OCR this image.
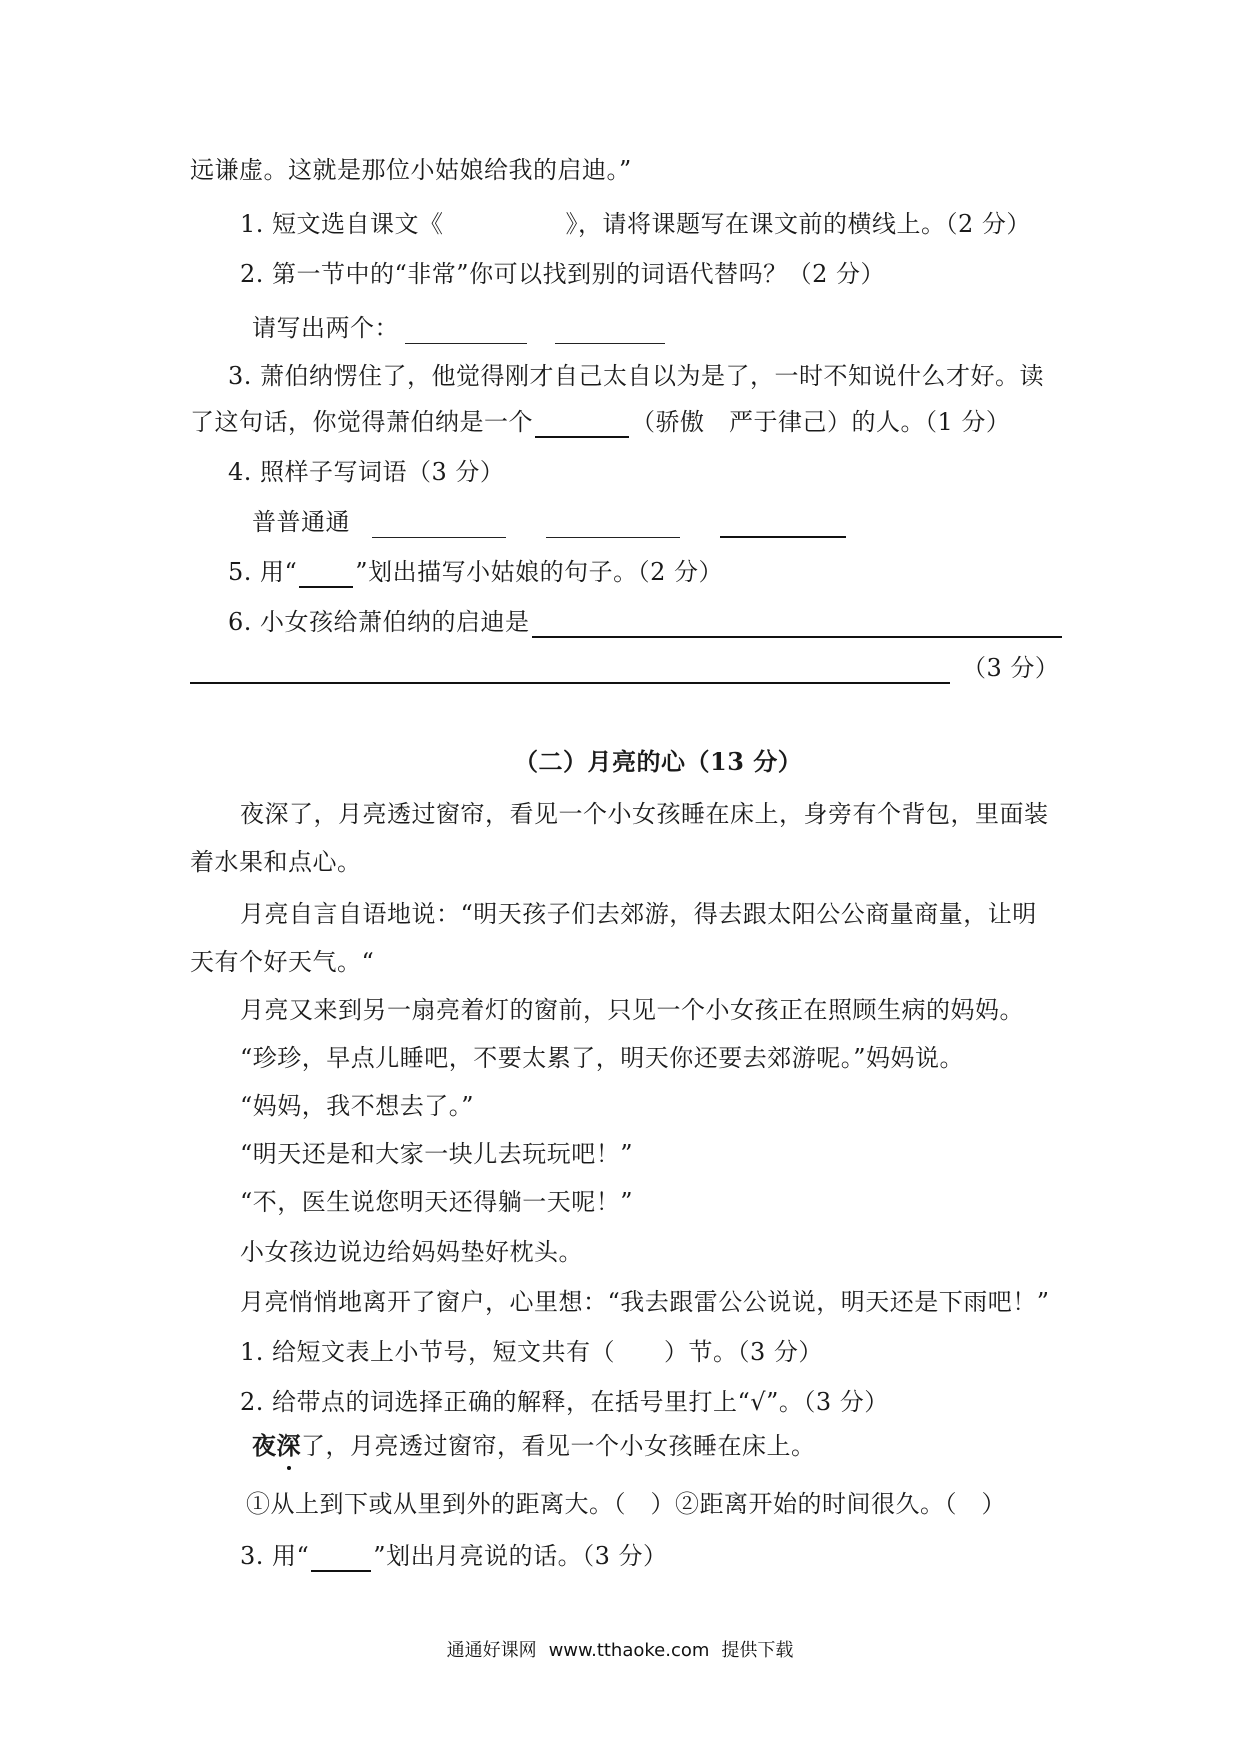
远谦虚。这就是那位小姑娘给我的启迪。”
1. 短文选自课文《	》，请将课题写在课文前的横线上。（2 分）
2. 第一节中的“非常”你可以找到别的词语代替吗？（2 分）
请写出两个：
3. 萧伯纳愣住了，他觉得刚才自己太自以为是了，一时不知说什么才好。读
了这句话，你觉得萧伯纳是一个	（骄傲　严于律己）的人。（1 分）
4. 照样子写词语（3 分）
普普通通
5. 用“ ”划出描写小姑娘的句子。（2 分）
6. 小女孩给萧伯纳的启迪是
（3 分）
（二）月亮的心（13 分）
夜深了，月亮透过窗帘，看见一个小女孩睡在床上，身旁有个背包，里面装
着水果和点心。
月亮自言自语地说：“明天孩子们去郊游，得去跟太阳公公商量商量，让明
天有个好天气。“
月亮又来到另一扇亮着灯的窗前，只见一个小女孩正在照顾生病的妈妈。
“珍珍，早点儿睡吧，不要太累了，明天你还要去郊游呢。”妈妈说。
“妈妈，我不想去了。”
“明天还是和大家一块儿去玩玩吧！”
“不，医生说您明天还得躺一天呢！”
小女孩边说边给妈妈垫好枕头。
月亮悄悄地离开了窗户，心里想：“我去跟雷公公说说，明天还是下雨吧！”
1. 给短文表上小节号，短文共有（　　）节。（3 分）
2. 给带点的词选择正确的解释，在括号里打上“√”。（3 分）
夜深了，月亮透过窗帘，看见一个小女孩睡在床上。
①从上到下或从里到外的距离大。（　）②距离开始的时间很久。（　）
3. 用“	”划出月亮说的话。（3 分）
通通好课网 www.tthaoke.com 提供下载
